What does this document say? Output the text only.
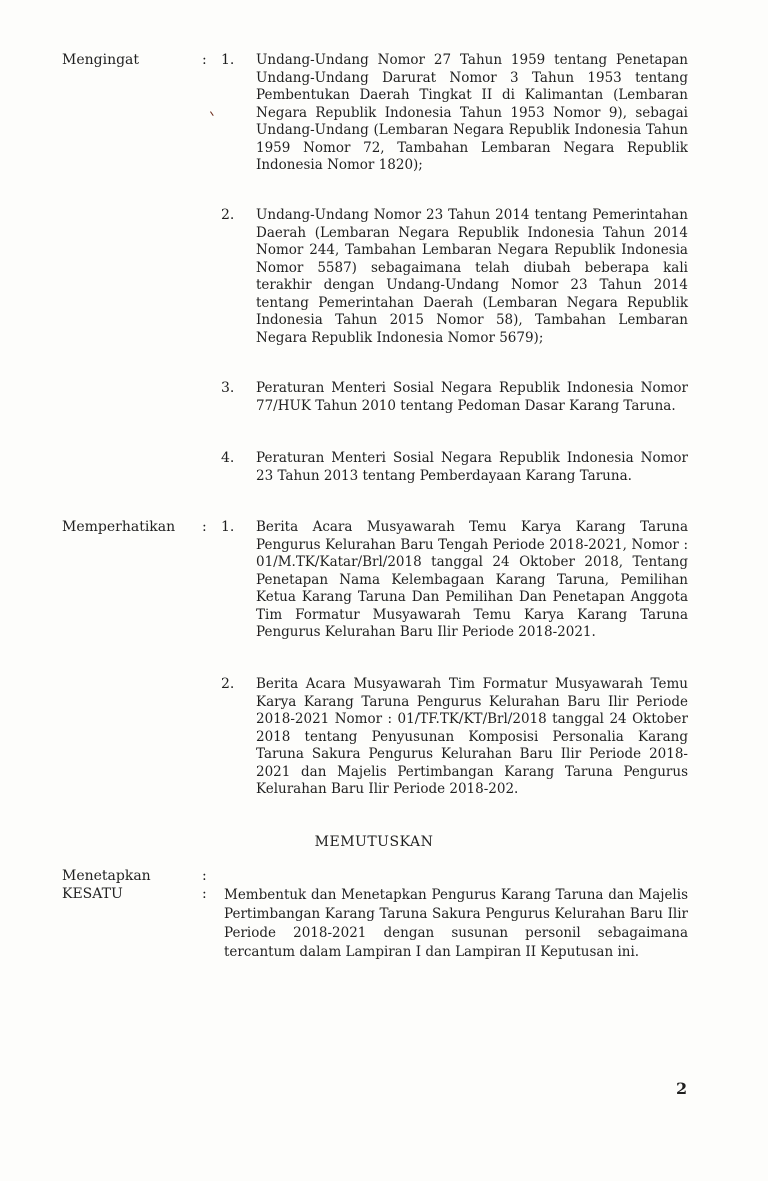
Mengingat	: 1. Undang-Undang Nomor 27 Tahun 1959 tentang Penetapan Undang-Undang Darurat Nomor 3 Tahun 1953 tentang Pembentukan Daerah Tingkat II di Kalimantan (Lembaran Negara Republik Indonesia Tahun 1953 Nomor 9), sebagai Undang-Undang (Lembaran Negara Republik Indonesia Tahun 1959 Nomor 72, Tambahan Lembaran Negara Republik Indonesia Nomor 1820);

2. Undang-Undang Nomor 23 Tahun 2014 tentang Pemerintahan Daerah (Lembaran Negara Republik Indonesia Tahun 2014 Nomor 244, Tambahan Lembaran Negara Republik Indonesia Nomor 5587) sebagaimana telah diubah beberapa kali terakhir dengan Undang-Undang Nomor 23 Tahun 2014 tentang Pemerintahan Daerah (Lembaran Negara Republik Indonesia Tahun 2015 Nomor 58), Tambahan Lembaran Negara Republik Indonesia Nomor 5679);

3. Peraturan Menteri Sosial Negara Republik Indonesia Nomor 77/HUK Tahun 2010 tentang Pedoman Dasar Karang Taruna.

4. Peraturan Menteri Sosial Negara Republik Indonesia Nomor 23 Tahun 2013 tentang Pemberdayaan Karang Taruna.

Memperhatikan : 1. Berita Acara Musyawarah Temu Karya Karang Taruna Pengurus Kelurahan Baru Tengah Periode 2018-2021, Nomor : 01/M.TK/Katar/Brl/2018 tanggal 24 Oktober 2018, Tentang Penetapan Nama Kelembagaan Karang Taruna, Pemilihan Ketua Karang Taruna Dan Pemilihan Dan Penetapan Anggota Tim Formatur Musyawarah Temu Karya Karang Taruna Pengurus Kelurahan Baru Ilir Periode 2018-2021.

2. Berita Acara Musyawarah Tim Formatur Musyawarah Temu Karya Karang Taruna Pengurus Kelurahan Baru Ilir Periode 2018-2021 Nomor : 01/TF.TK/KT/Brl/2018 tanggal 24 Oktober 2018 tentang Penyusunan Komposisi Personalia Karang Taruna Sakura Pengurus Kelurahan Baru Ilir Periode 2018-2021 dan Majelis Pertimbangan Karang Taruna Pengurus Kelurahan Baru Ilir Periode 2018-202.

MEMUTUSKAN
Menetapkan	:
KESATU	: Membentuk dan Menetapkan Pengurus Karang Taruna dan Majelis Pertimbangan Karang Taruna Sakura Pengurus Kelurahan Baru Ilir Periode 2018-2021 dengan susunan personil sebagaimana tercantum dalam Lampiran I dan Lampiran II Keputusan ini.

2
